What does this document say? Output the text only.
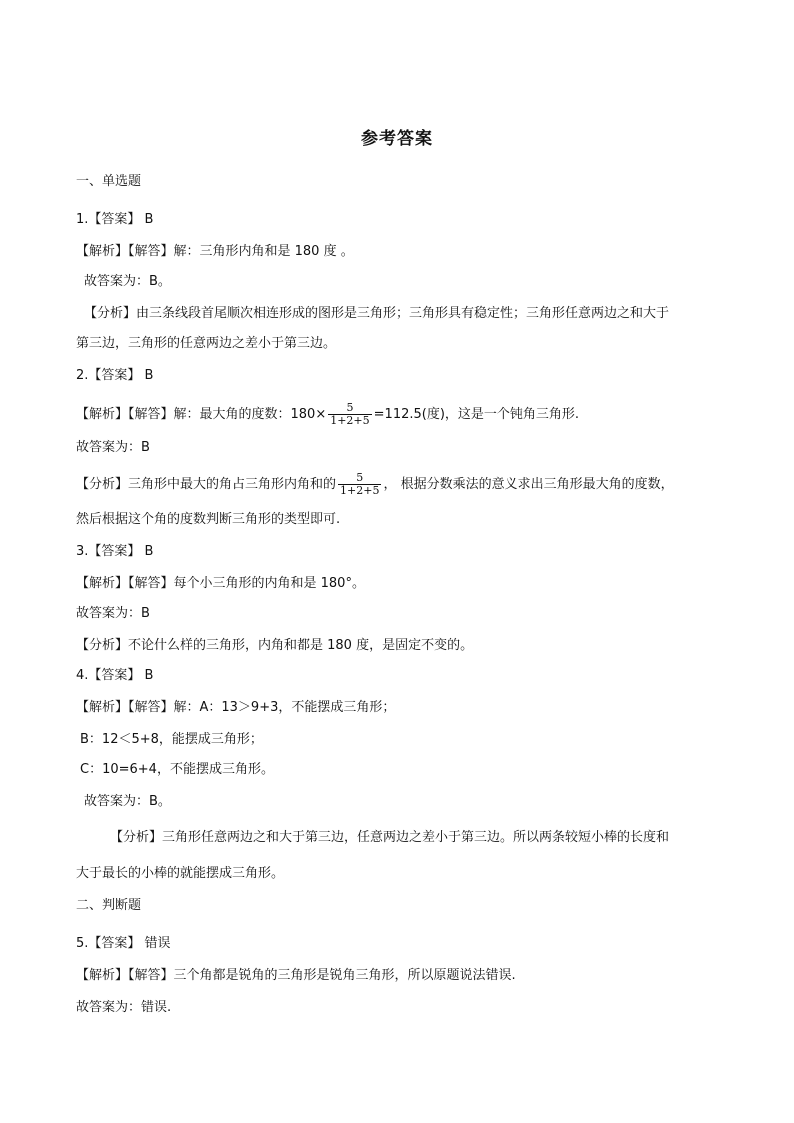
参考答案
一、单选题
1.【答案】 B
【解析】【解答】解：三角形内角和是 180 度 。
故答案为：B。
【分析】由三条线段首尾顺次相连形成的图形是三角形；三角形具有稳定性；三角形任意两边之和大于
第三边，三角形的任意两边之差小于第三边。
2.【答案】 B
【解析】【解答】解：最大角的度数：$180\times \frac{5}{1+2+5} =112.5$(度)，这是一个钝角三角形.
故答案为：B
【分析】三角形中最大的角占三角形内角和的 $\frac{5}{1+2+5}$ ， 根据分数乘法的意义求出三角形最大角的度数，
然后根据这个角的度数判断三角形的类型即可.
3.【答案】 B
【解析】【解答】每个小三角形的内角和是 180°。
故答案为：B
【分析】不论什么样的三角形，内角和都是 180 度，是固定不变的。
4.【答案】 B
【解析】【解答】解：A：13＞9+3，不能摆成三角形；
B：12＜5+8，能摆成三角形；
C：10=6+4，不能摆成三角形。
故答案为：B。
【分析】三角形任意两边之和大于第三边，任意两边之差小于第三边。所以两条较短小棒的长度和
大于最长的小棒的就能摆成三角形。
二、判断题
5.【答案】 错误
【解析】【解答】三个角都是锐角的三角形是锐角三角形，所以原题说法错误.
故答案为：错误.
